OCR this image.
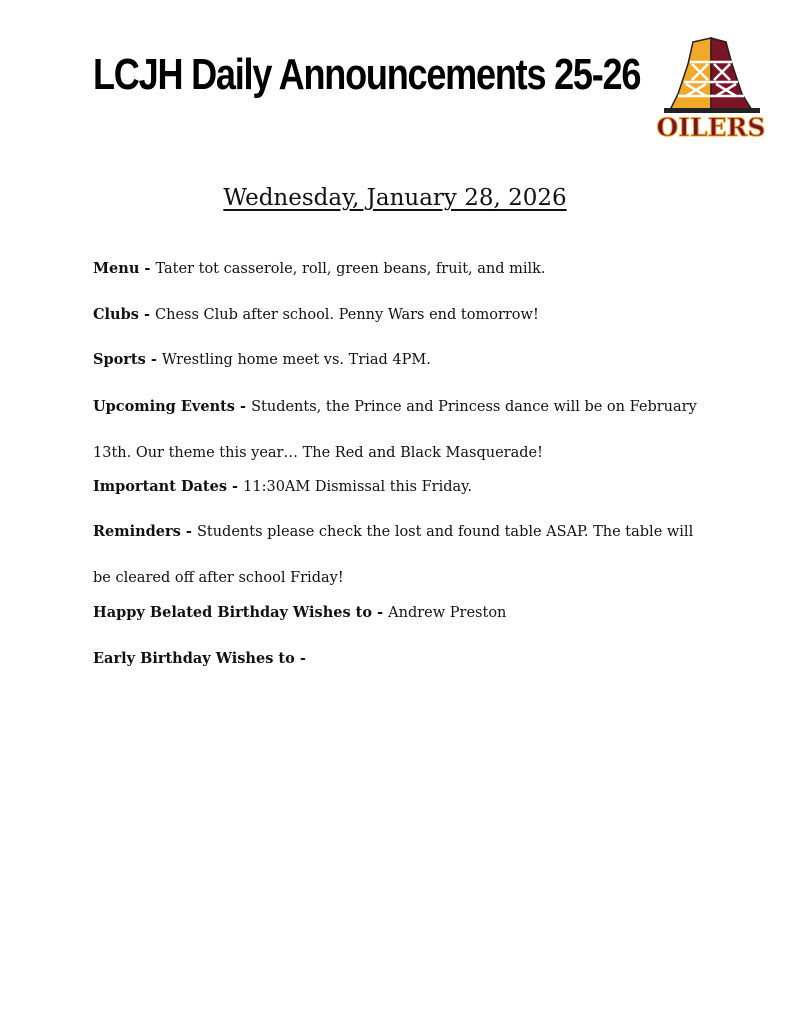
LCJH Daily Announcements 25-26
OILERS
Wednesday, January 28, 2026
Menu - Tater tot casserole, roll, green beans, fruit, and milk.
Clubs - Chess Club after school. Penny Wars end tomorrow!
Sports - Wrestling home meet vs. Triad 4PM.
Upcoming Events - Students, the Prince and Princess dance will be on February 13th. Our theme this year… The Red and Black Masquerade!
Important Dates - 11:30AM Dismissal this Friday.
Reminders - Students please check the lost and found table ASAP. The table will be cleared off after school Friday!
Happy Belated Birthday Wishes to - Andrew Preston
Early Birthday Wishes to -
